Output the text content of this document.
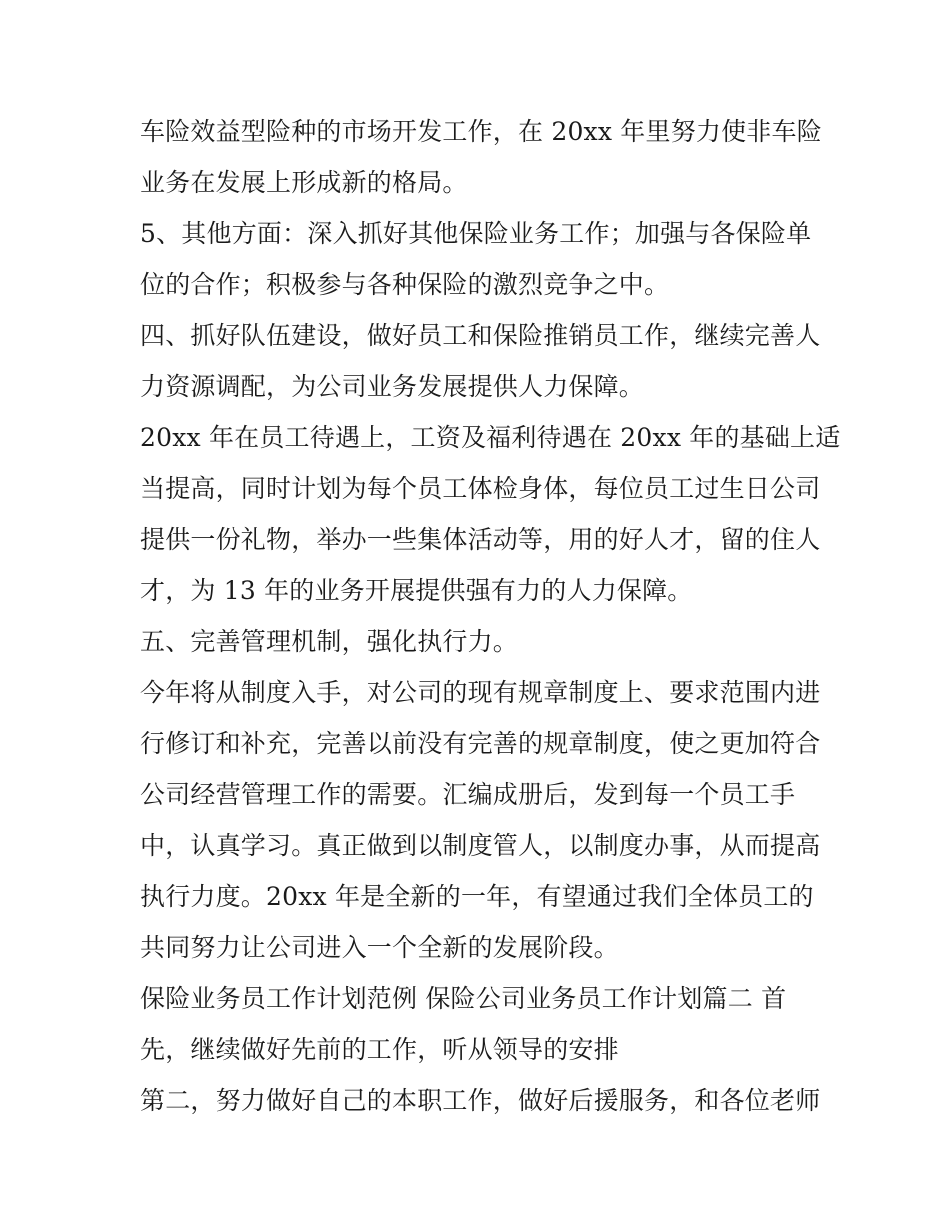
车险效益型险种的市场开发工作，在 20xx 年里努力使非车险
业务在发展上形成新的格局。
5、其他方面：深入抓好其他保险业务工作；加强与各保险单
位的合作；积极参与各种保险的激烈竞争之中。
四、抓好队伍建设，做好员工和保险推销员工作，继续完善人
力资源调配，为公司业务发展提供人力保障。
20xx 年在员工待遇上，工资及福利待遇在 20xx 年的基础上适
当提高，同时计划为每个员工体检身体，每位员工过生日公司
提供一份礼物，举办一些集体活动等，用的好人才，留的住人
才，为 13 年的业务开展提供强有力的人力保障。
五、完善管理机制，强化执行力。
今年将从制度入手，对公司的现有规章制度上、要求范围内进
行修订和补充，完善以前没有完善的规章制度，使之更加符合
公司经营管理工作的需要。汇编成册后，发到每一个员工手
中，认真学习。真正做到以制度管人，以制度办事，从而提高
执行力度。20xx 年是全新的一年，有望通过我们全体员工的
共同努力让公司进入一个全新的发展阶段。
保险业务员工作计划范例 保险公司业务员工作计划篇二 首
先，继续做好先前的工作，听从领导的安排
第二，努力做好自己的本职工作，做好后援服务，和各位老师
